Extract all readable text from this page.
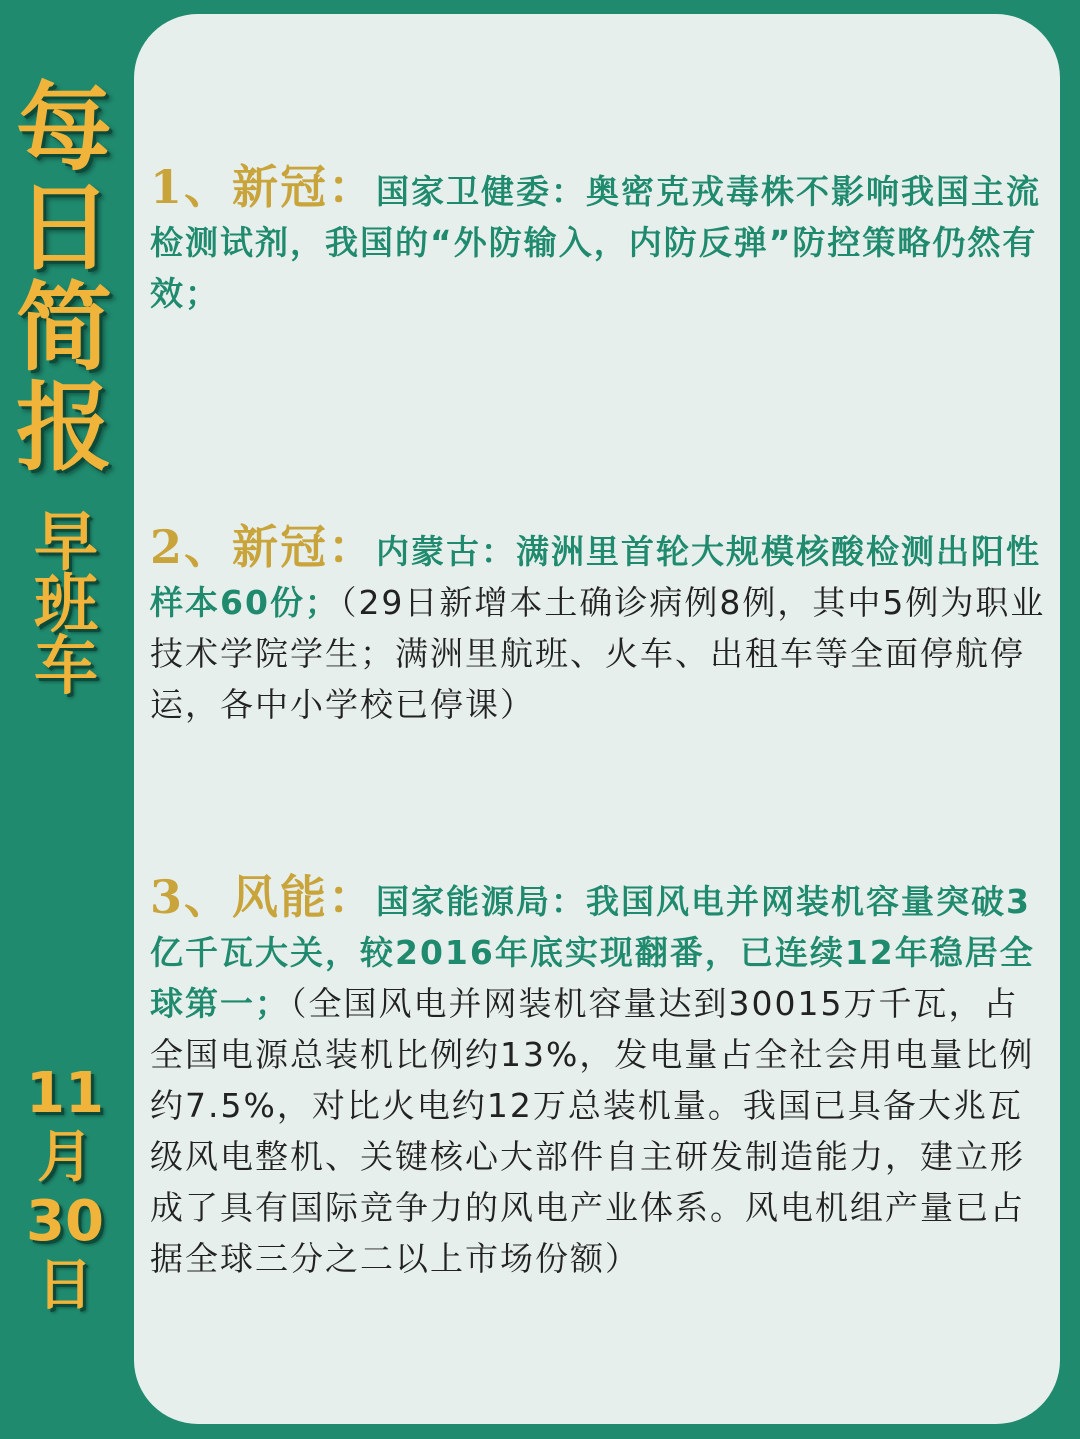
每
日
简
报
早
班
车
11
月
30
日
1、新冠：国家卫健委：奥密克戎毒株不影响我国主流检测试剂，我国的“外防输入，内防反弹”防控策略仍然有效；
2、新冠：内蒙古：满洲里首轮大规模核酸检测出阳性样本60份；（29日新增本土确诊病例8例，其中5例为职业技术学院学生；满洲里航班、火车、出租车等全面停航停运，各中小学校已停课）
3、风能：国家能源局：我国风电并网装机容量突破3亿千瓦大关，较2016年底实现翻番，已连续12年稳居全球第一；（全国风电并网装机容量达到30015万千瓦，占全国电源总装机比例约13%，发电量占全社会用电量比例约7.5%，对比火电约12万总装机量。我国已具备大兆瓦级风电整机、关键核心大部件自主研发制造能力，建立形成了具有国际竞争力的风电产业体系。风电机组产量已占据全球三分之二以上市场份额）
